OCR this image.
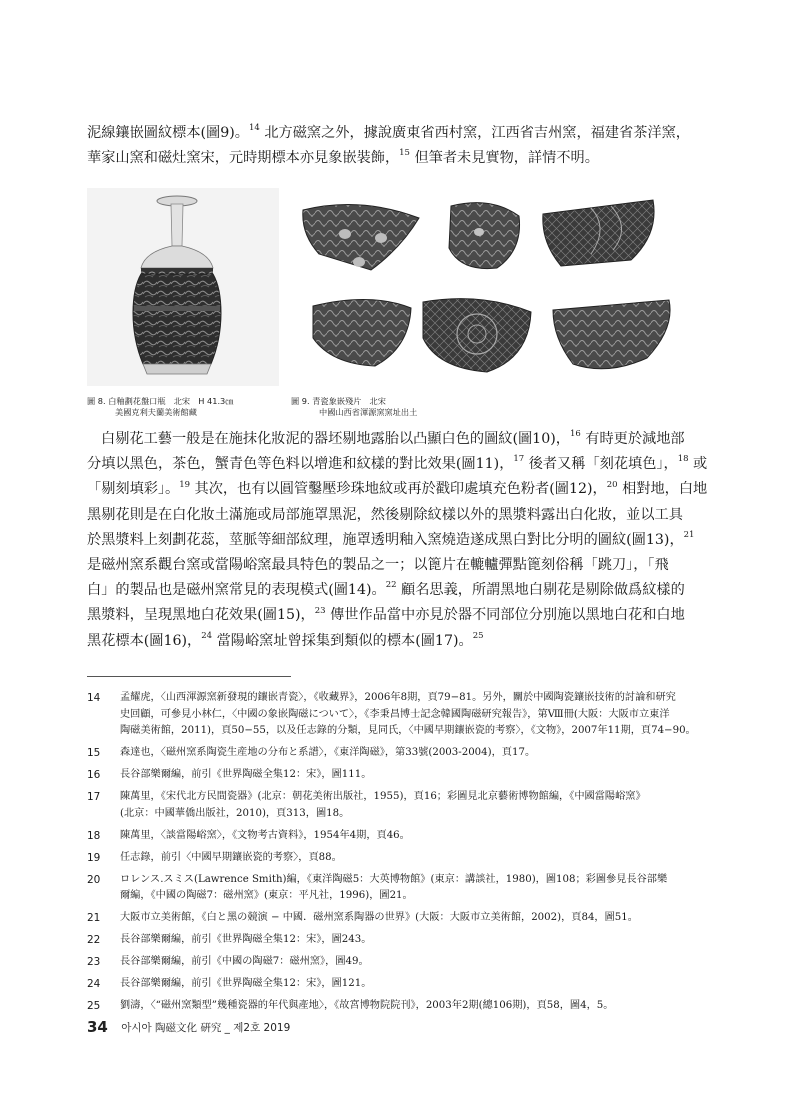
泥線鑲嵌圖紋標本(圖9)。$^{14}$ 北方磁窯之外，據說廣東省西村窯，江西省吉州窯，福建省茶洋窯，
華家山窯和磁灶窯宋，元時期標本亦見象嵌裝飾，$^{15}$ 但筆者未見實物，詳情不明。

圖 8. 白釉劃花盤口瓶　北宋　H 41.3㎝
美國克利夫蘭美術館藏
圖 9. 青瓷象嵌殘片　北宋
中國山西省渾源窯窯址出土

白剔花工藝一般是在施抹化妝泥的器坯剔地露胎以凸顯白色的圖紋(圖10)，$^{16}$ 有時更於減地部
分填以黑色，茶色，蟹青色等色料以增進和紋樣的對比效果(圖11)，$^{17}$ 後者又稱「刻花填色」，$^{18}$ 或
「剔刻填彩」。$^{19}$ 其次，也有以圓管鑿壓珍珠地紋或再於戳印處填充色粉者(圖12)，$^{20}$ 相對地，白地
黑剔花則是在白化妝土滿施或局部施罩黑泥，然後剔除紋樣以外的黑漿料露出白化妝，並以工具
於黑漿料上刻劃花蕊，莖脈等細部紋理，施罩透明釉入窯燒造遂成黑白對比分明的圖紋(圖13)，$^{21}$
是磁州窯系觀台窯或當陽峪窯最具特色的製品之一；以篦片在轆轤彈點篦刻俗稱「跳刀」，「飛
白」的製品也是磁州窯常見的表現模式(圖14)。$^{22}$ 顧名思義，所謂黑地白剔花是剔除做爲紋樣的
黑漿料，呈現黑地白花效果(圖15)，$^{23}$ 傳世作品當中亦見於器不同部位分別施以黑地白花和白地
黑花標本(圖16)，$^{24}$ 當陽峪窯址曾採集到類似的標本(圖17)。$^{25}$

14	孟耀虎，〈山西渾源窯新發現的鑲嵌青瓷〉，《收藏界》，2006年8期，頁79−81。另外，關於中國陶瓷鑲嵌技術的討論和研究
史回顧，可參見小林仁，〈中國の象嵌陶磁について〉，《李秉昌博士記念韓國陶磁研究報告》，第Ⅷ冊(大阪：大阪市立東洋
陶磁美術館，2011)，頁50−55，以及任志錄的分類，見同氏，〈中國早期鑲嵌瓷的考察〉，《文物》，2007年11期，頁74−90。
15	森達也，〈磁州窯系陶瓷生産地の分布と系譜〉，《東洋陶磁》，第33號(2003-2004)，頁17。
16	長谷部樂爾編，前引《世界陶磁全集12：宋》，圖111。
17	陳萬里，《宋代北方民間瓷器》(北京：朝花美術出版社，1955)，頁16；彩圖見北京藝術博物館編，《中國當陽峪窯》
(北京：中國華僑出版社，2010)，頁313，圖18。
18	陳萬里，〈談當陽峪窯〉，《文物考古資料》，1954年4期，頁46。
19	任志錄，前引〈中國早期鑲嵌瓷的考察〉，頁88。
20	ロレンス.スミス(Lawrence Smith)編，《東洋陶磁5：大英博物館》(東京：講談社，1980)，圖108；彩圖參見長谷部樂
爾編，《中國の陶磁7：磁州窯》(東京：平凡社，1996)，圖21。
21	大阪市立美術館，《白と黑の競演 − 中國．磁州窯系陶器の世界》(大阪：大阪市立美術館，2002)，頁84，圖51。
22	長谷部樂爾編，前引《世界陶磁全集12：宋》，圖243。
23	長谷部樂爾編，前引《中國の陶磁7：磁州窯》，圖49。
24	長谷部樂爾編，前引《世界陶磁全集12：宋》，圖121。
25	劉濤，〈“磁州窯類型”幾種瓷器的年代與產地〉，《故宮博物院院刊》，2003年2期(總106期)，頁58，圖4，5。
34 아시아 陶磁文化 硏究 _ 제2호 2019
